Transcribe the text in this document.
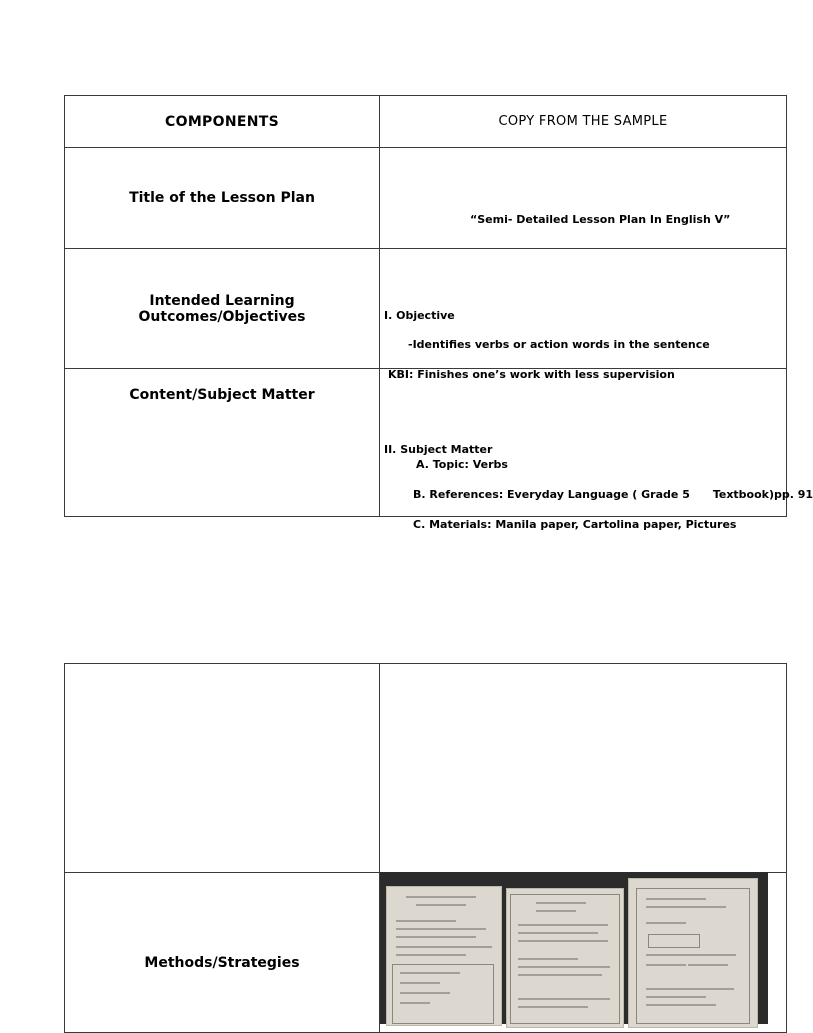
COMPONENTS	COPY FROM THE SAMPLE
Title of the Lesson Plan	“Semi- Detailed Lesson Plan In English V”

Intended Learning Outcomes/Objectives	I. Objective
-Identifies verbs or action words in the sentence
KBI: Finishes one’s work with less supervision

Content/Subject Matter	II. Subject Matter
A. Topic: Verbs
B. References: Everyday Language ( Grade 5      Textbook)pp. 91
C. Materials: Manila paper, Cartolina paper, Pictures

Methods/Strategies	
